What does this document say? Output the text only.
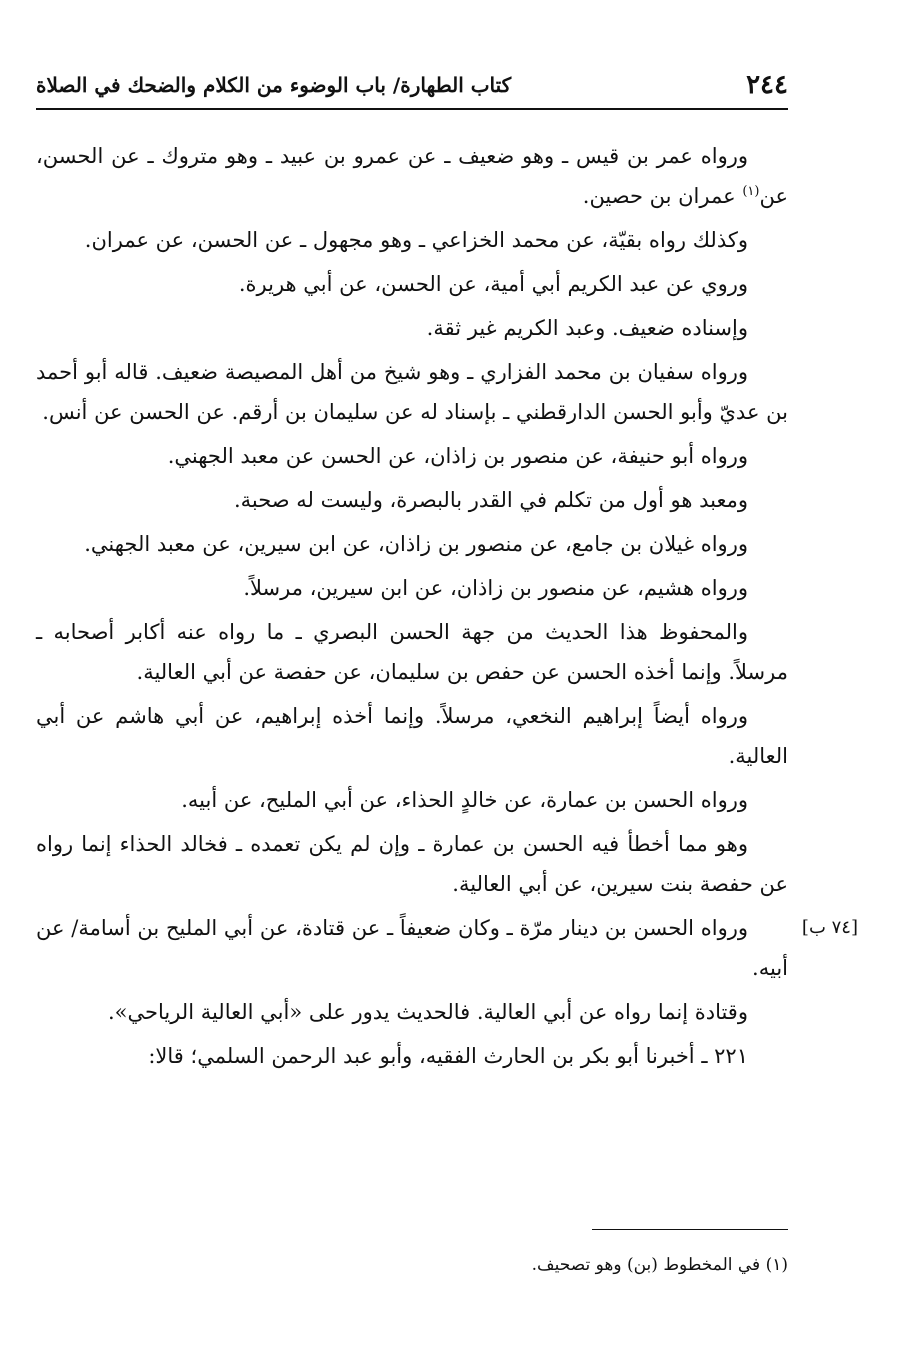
٢٤٤
كتاب الطهارة/ باب الوضوء من الكلام والضحك في الصلاة

ورواه عمر بن قيس ـ وهو ضعيف ـ عن عمرو بن عبيد ـ وهو متروك ـ عن الحسن، عن$^{(١)}$ عمران بن حصين.

وكذلك رواه بقيّة، عن محمد الخزاعي ـ وهو مجهول ـ عن الحسن، عن عمران.

وروي عن عبد الكريم أبي أمية، عن الحسن، عن أبي هريرة.

وإسناده ضعيف. وعبد الكريم غير ثقة.

ورواه سفيان بن محمد الفزاري ـ وهو شيخ من أهل المصيصة ضعيف. قاله أبو أحمد بن عديّ وأبو الحسن الدارقطني ـ بإسناد له عن سليمان بن أرقم. عن الحسن عن أنس.

ورواه أبو حنيفة، عن منصور بن زاذان، عن الحسن عن معبد الجهني.

ومعبد هو أول من تكلم في القدر بالبصرة، وليست له صحبة.

ورواه غيلان بن جامع، عن منصور بن زاذان، عن ابن سيرين، عن معبد الجهني.

ورواه هشيم، عن منصور بن زاذان، عن ابن سيرين، مرسلاً.

والمحفوظ هذا الحديث من جهة الحسن البصري ـ ما رواه عنه أكابر أصحابه ـ مرسلاً. وإنما أخذه الحسن عن حفص بن سليمان، عن حفصة عن أبي العالية.

ورواه أيضاً إبراهيم النخعي، مرسلاً. وإنما أخذه إبراهيم، عن أبي هاشم عن أبي العالية.

ورواه الحسن بن عمارة، عن خالدٍ الحذاء، عن أبي المليح، عن أبيه.

وهو مما أخطأ فيه الحسن بن عمارة ـ وإن لم يكن تعمده ـ فخالد الحذاء إنما رواه عن حفصة بنت سيرين، عن أبي العالية.

[٧٤ ب]
ورواه الحسن بن دينار مرّة ـ وكان ضعيفاً ـ عن قتادة، عن أبي المليح بن أسامة/ عن أبيه.

وقتادة إنما رواه عن أبي العالية. فالحديث يدور على «أبي العالية الرياحي».

٢٢١ ـ أخبرنا أبو بكر بن الحارث الفقيه، وأبو عبد الرحمن السلمي؛ قالا:

(١) في المخطوط (بن) وهو تصحيف.
